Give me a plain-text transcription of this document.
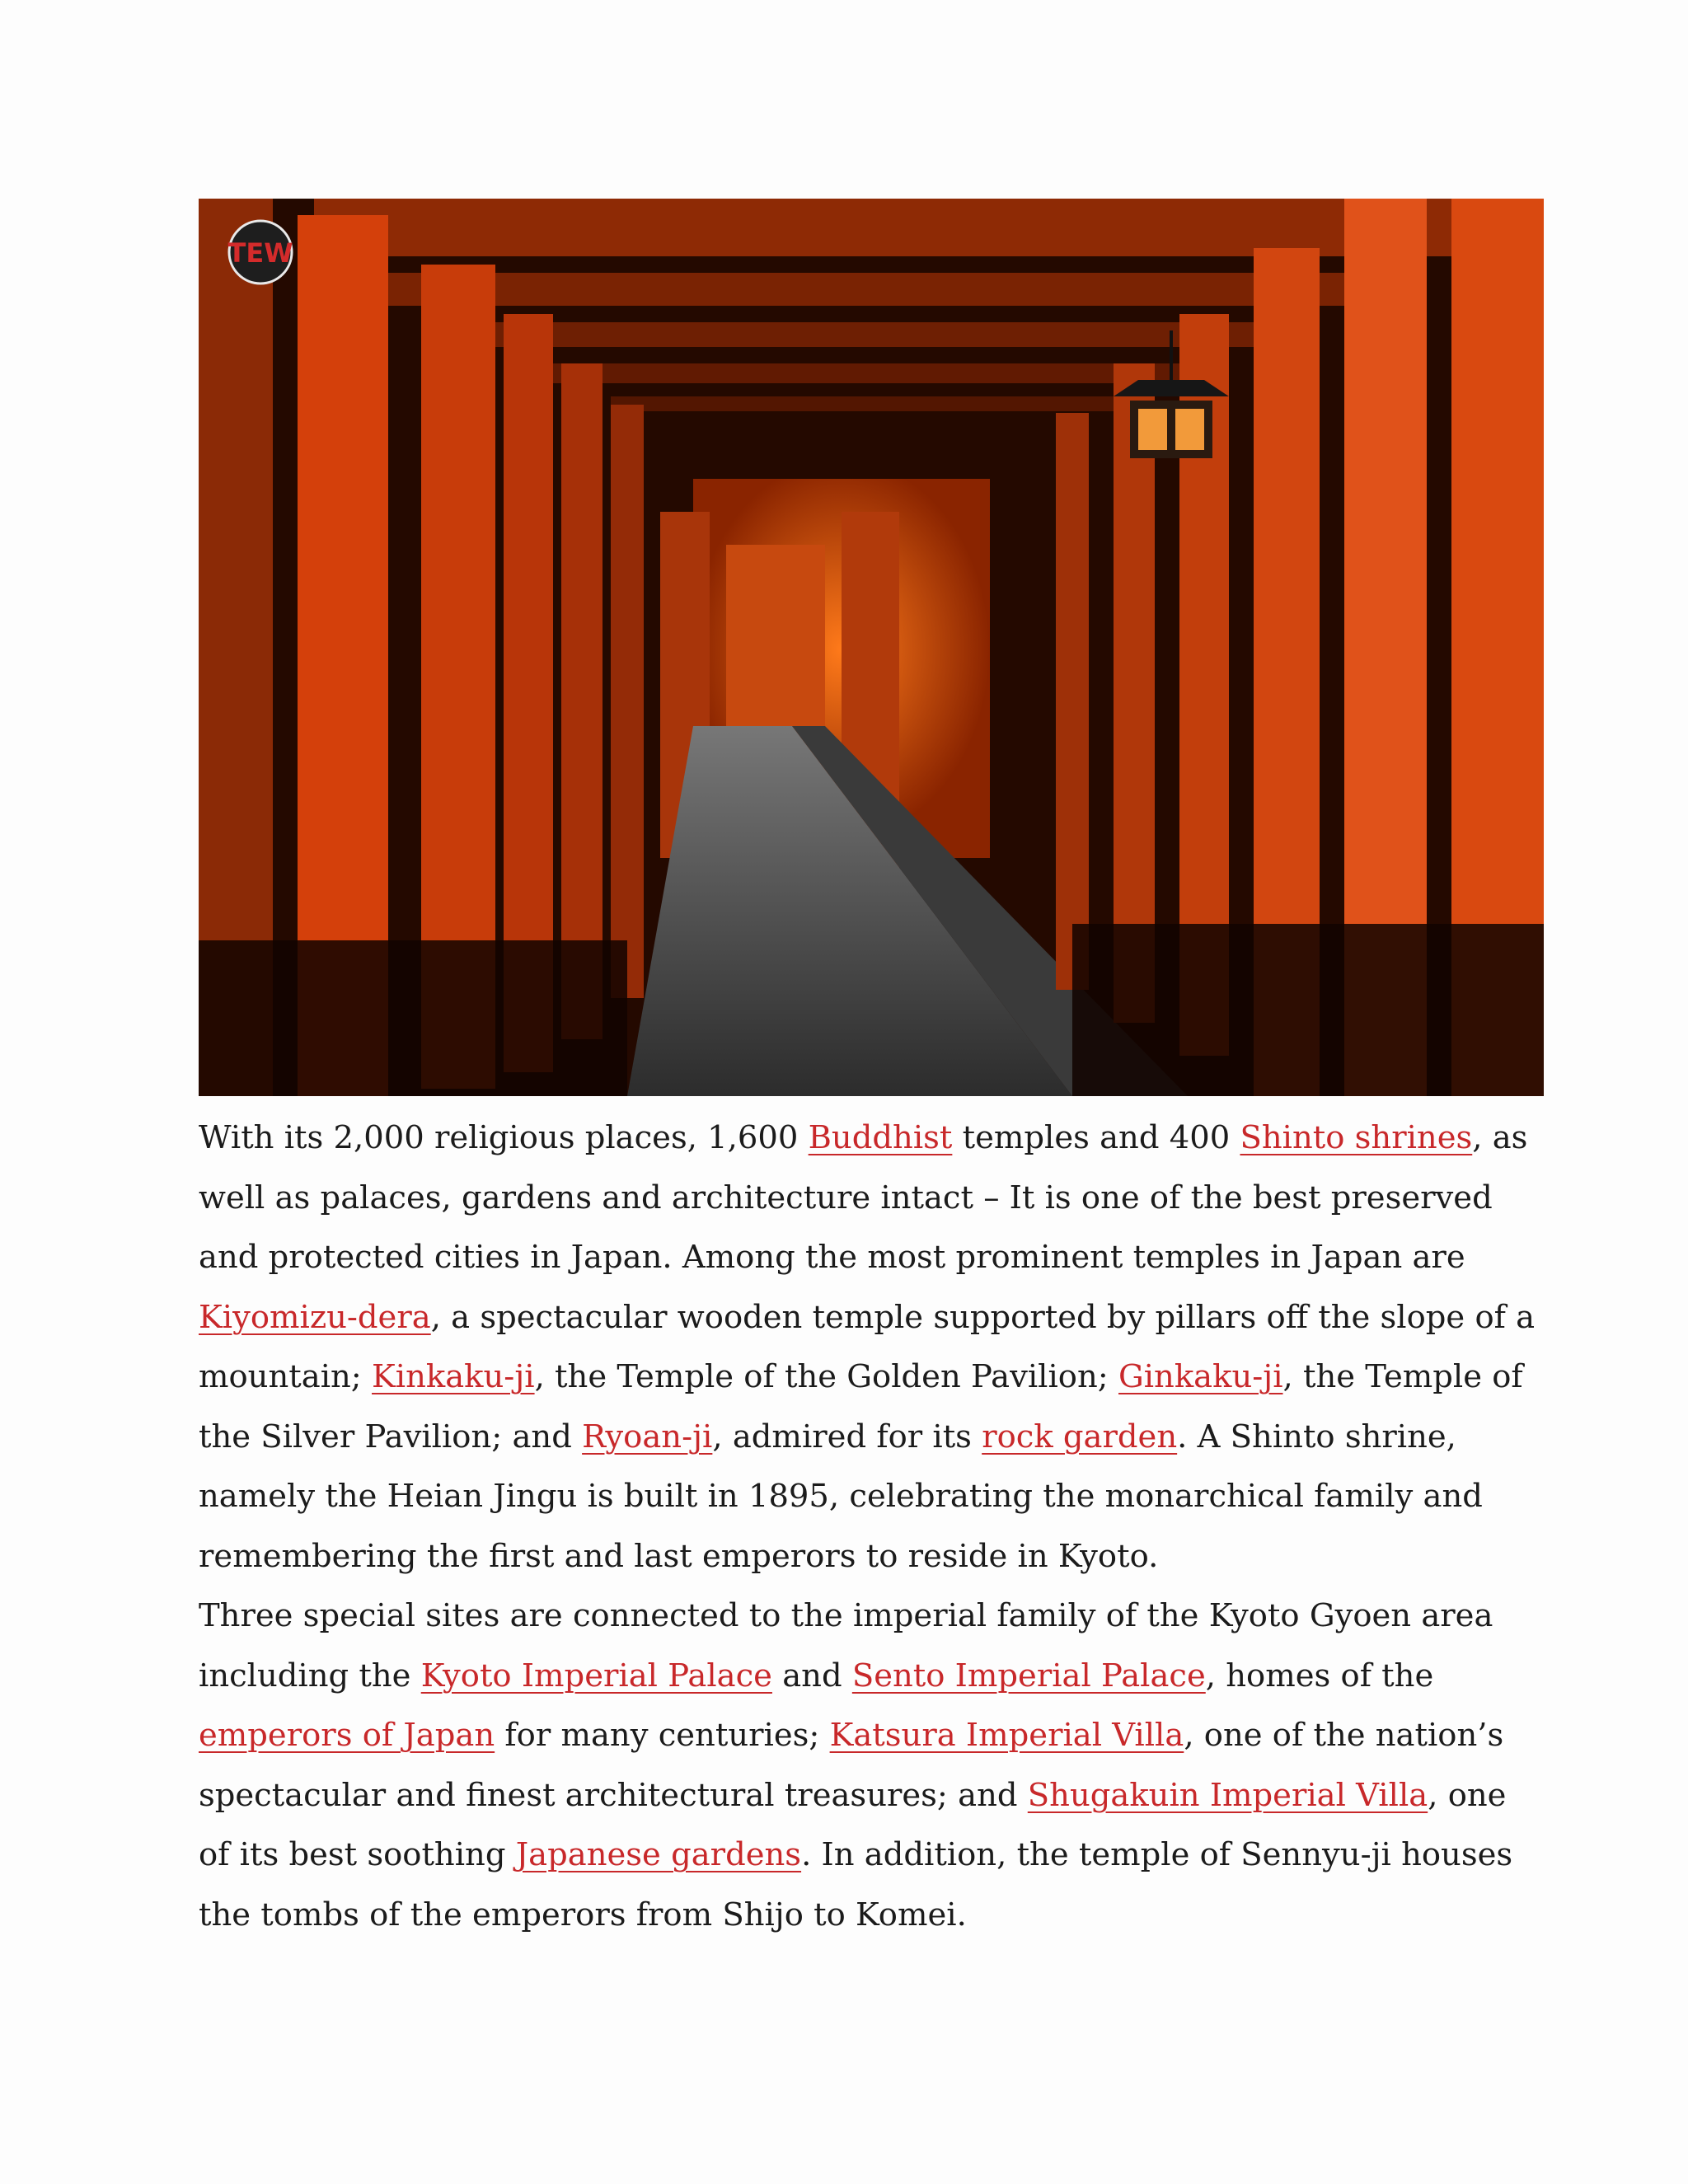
TEW

With its 2,000 religious places, 1,600 Buddhist temples and 400 Shinto shrines, as well as palaces, gardens and architecture intact – It is one of the best preserved and protected cities in Japan. Among the most prominent temples in Japan are Kiyomizu-dera, a spectacular wooden temple supported by pillars off the slope of a mountain; Kinkaku-ji, the Temple of the Golden Pavilion; Ginkaku-ji, the Temple of the Silver Pavilion; and Ryoan-ji, admired for its rock garden. A Shinto shrine, namely the Heian Jingu is built in 1895, celebrating the monarchical family and remembering the first and last emperors to reside in Kyoto.

Three special sites are connected to the imperial family of the Kyoto Gyoen area including the Kyoto Imperial Palace and Sento Imperial Palace, homes of the emperors of Japan for many centuries; Katsura Imperial Villa, one of the nation’s spectacular and finest architectural treasures; and Shugakuin Imperial Villa, one of its best soothing Japanese gardens. In addition, the temple of Sennyu-ji houses the tombs of the emperors from Shijo to Komei.
